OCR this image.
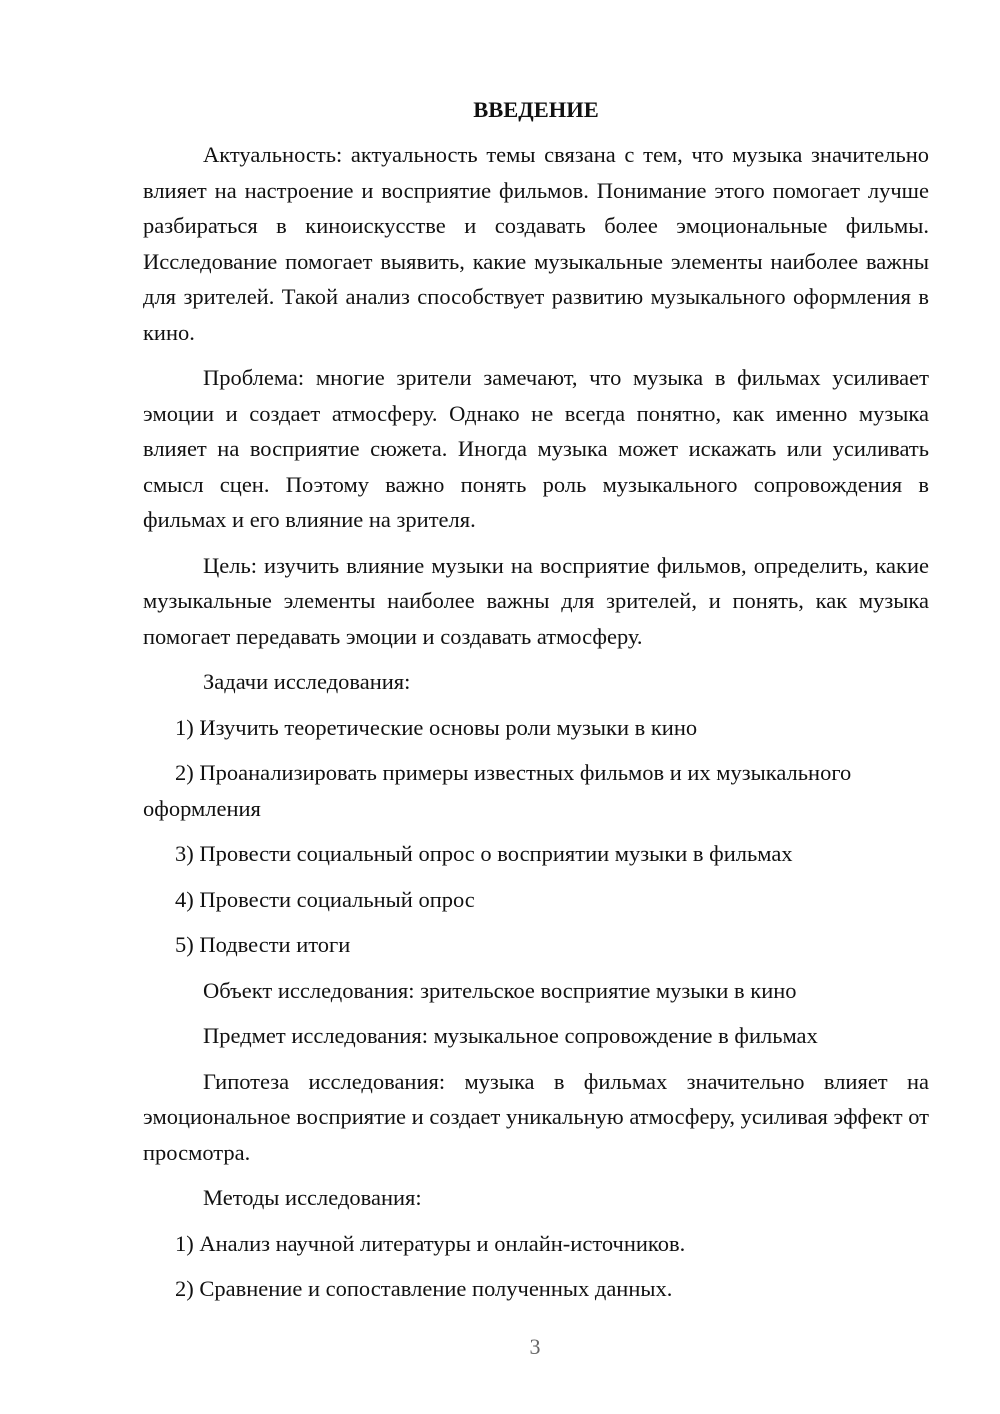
ВВЕДЕНИЕ

Актуальность: актуальность темы связана с тем, что музыка значительно влияет на настроение и восприятие фильмов. Понимание этого помогает лучше разбираться в киноискусстве и создавать более эмоциональные фильмы. Исследование помогает выявить, какие музыкальные элементы наиболее важны для зрителей. Такой анализ способствует развитию музыкального оформления в кино.

Проблема: многие зрители замечают, что музыка в фильмах усиливает эмоции и создает атмосферу. Однако не всегда понятно, как именно музыка влияет на восприятие сюжета. Иногда музыка может искажать или усиливать смысл сцен. Поэтому важно понять роль музыкального сопровождения в фильмах и его влияние на зрителя.

Цель: изучить влияние музыки на восприятие фильмов, определить, какие музыкальные элементы наиболее важны для зрителей, и понять, как музыка помогает передавать эмоции и создавать атмосферу.

Задачи исследования:

1) Изучить теоретические основы роли музыки в кино

2) Проанализировать примеры известных фильмов и их музыкального оформления

3) Провести социальный опрос о восприятии музыки в фильмах

4) Провести социальный опрос

5) Подвести итоги

Объект исследования: зрительское восприятие музыки в кино

Предмет исследования: музыкальное сопровождение в фильмах

Гипотеза исследования: музыка в фильмах значительно влияет на эмоциональное восприятие и создает уникальную атмосферу, усиливая эффект от просмотра.

Методы исследования:

1) Анализ научной литературы и онлайн-источников.

2) Сравнение и сопоставление полученных данных.

3
